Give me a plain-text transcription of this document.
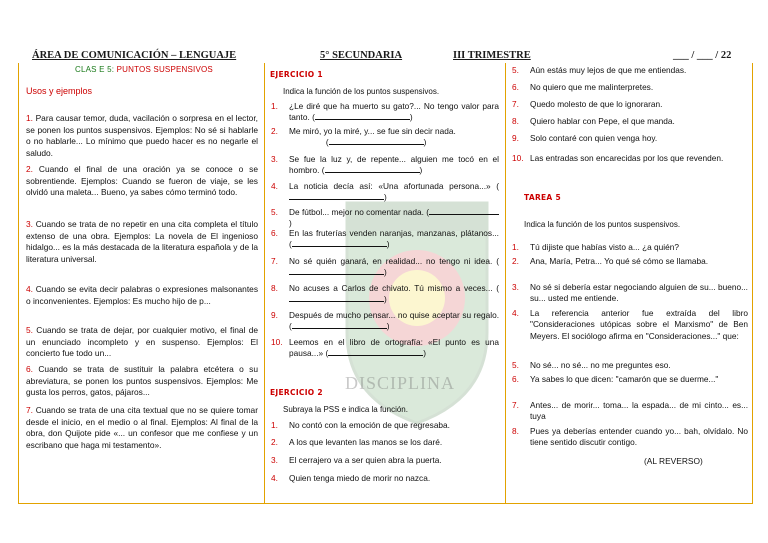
ÁREA DE COMUNICACIÓN – LENGUAJE	5° SECUNDARIA	III TRIMESTRE	___ / ___ / 22
CLAS E 5: PUNTOS SUSPENSIVOS
Usos y ejemplos
1. Para causar temor, duda, vacilación o sorpresa en el lector, se ponen los puntos suspensivos. Ejemplos: No sé si hablarle o no hablarle... Lo mínimo que puedo hacer es no negarle el saludo.
2. Cuando el final de una oración ya se conoce o se sobrentiende. Ejemplos: Cuando se fueron de viaje, se les olvidó una maleta... Bueno, ya sabes cómo terminó todo.
3. Cuando se trata de no repetir en una cita completa el título extenso de una obra. Ejemplos: La novela de El ingenioso hidalgo... es la más destacada de la literatura española y de la literatura universal.
4. Cuando se evita decir palabras o expresiones malsonantes o inconvenientes. Ejemplos: Es mucho hijo de p...
5. Cuando se trata de dejar, por cualquier motivo, el final de un enunciado incompleto y en suspenso. Ejemplos: El concierto fue todo un...
6. Cuando se trata de sustituir la palabra etcétera o su abreviatura, se ponen los puntos suspensivos. Ejemplos: Me gusta los perros, gatos, pájaros...
7. Cuando se trata de una cita textual que no se quiere tomar desde el inicio, en el medio o al final. Ejemplos: Al final de la obra, don Quijote pide «... un confesor que me confiese y un escribano que haga mi testamento».
DISCIPLINA
EJERCICIO 1
Indica la función de los puntos suspensivos.
1. ¿Le diré que ha muerto su gato?... No tengo valor para tanto. (	)
2. Me miró, yo la miré, y... se fue sin decir nada.
(	)
3. Se fue la luz y, de repente... alguien me tocó en el hombro. (	)
4. La noticia decía así: «Una afortunada persona...» ()
5. De fútbol... mejor no comentar nada. ()
6. En las fruterías venden naranjas, manzanas, plátanos... (	)
7. No sé quién ganará, en realidad... no tengo ni idea. ()
8. No acuses a Carlos de chivato. Tú mismo a veces... ()
9. Después de mucho pensar... no quise aceptar su regalo. (	)
10. Leemos en el libro de ortografía: «El punto es una pausa...» (	)
EJERCICIO 2
Subraya la PSS e indica la función.
1. No contó con la emoción de que regresaba.
2. A los que levanten las manos se los daré.
3. El cerrajero va a ser quien abra la puerta.
4. Quien tenga miedo de morir no nazca.
5. Aún estás muy lejos de que me entiendas.
6. No quiero que me malinterpretes.
7. Quedo molesto de que lo ignoraran.
8. Quiero hablar con Pepe, el que manda.
9. Solo contaré con quien venga hoy.
10. Las entradas son encarecidas por los que revenden.
TAREA 5
Indica la función de los puntos suspensivos.
1. Tú dijiste que habías visto a... ¿a quién?
2. Ana, María, Petra... Yo qué sé cómo se llamaba.
3. No sé si debería estar negociando alguien de su... bueno... su... usted me entiende.
4. La referencia anterior fue extraída del libro "Consideraciones utópicas sobre el Marxismo" de Ben Meyers. El sociólogo afirma en "Consideraciones..." que:
5. No sé... no sé... no me preguntes eso.
6. Ya sabes lo que dicen: "camarón que se duerme..."
7. Antes... de morir... toma... la espada... de mi cinto... es... tuya
8. Pues ya deberías entender cuando yo... bah, olvídalo. No tiene sentido discutir contigo.
(AL REVERSO)
